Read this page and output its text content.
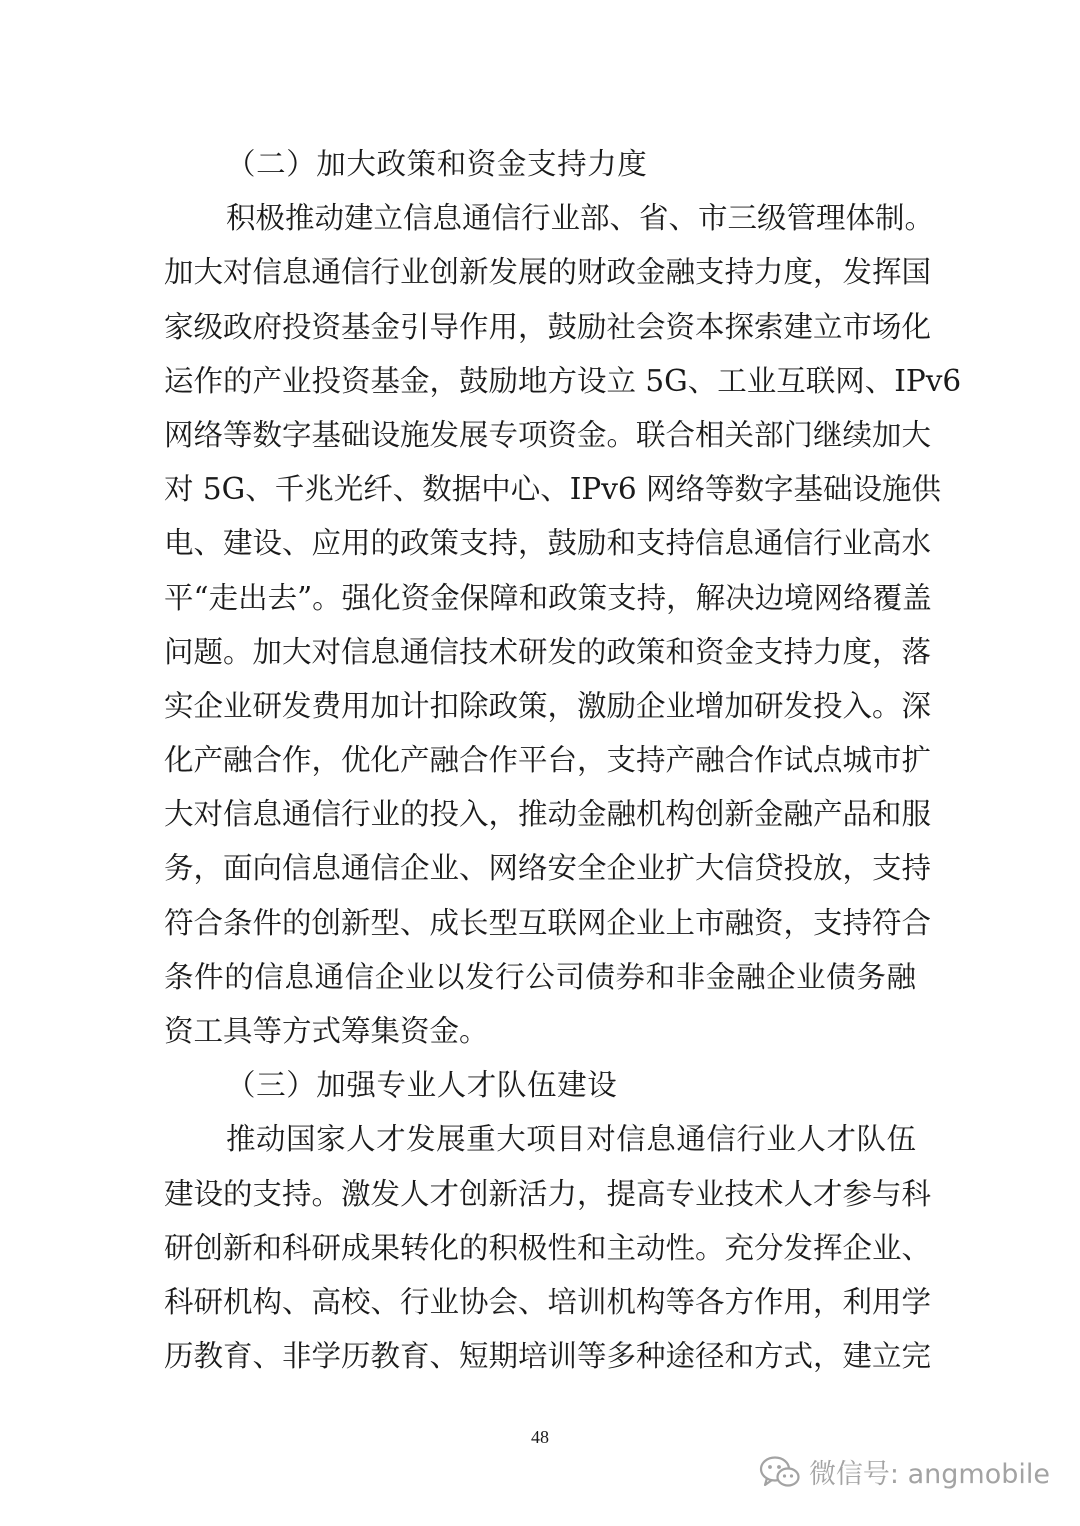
（二）加大政策和资金支持力度
积极推动建立信息通信行业部、省、市三级管理体制。
加大对信息通信行业创新发展的财政金融支持力度，发挥国
家级政府投资基金引导作用，鼓励社会资本探索建立市场化
运作的产业投资基金，鼓励地方设立 5G、工业互联网、IPv6
网络等数字基础设施发展专项资金。联合相关部门继续加大
对 5G、千兆光纤、数据中心、IPv6 网络等数字基础设施供
电、建设、应用的政策支持，鼓励和支持信息通信行业高水
平“走出去”。强化资金保障和政策支持，解决边境网络覆盖
问题。加大对信息通信技术研发的政策和资金支持力度，落
实企业研发费用加计扣除政策，激励企业增加研发投入。深
化产融合作，优化产融合作平台，支持产融合作试点城市扩
大对信息通信行业的投入，推动金融机构创新金融产品和服
务，面向信息通信企业、网络安全企业扩大信贷投放，支持
符合条件的创新型、成长型互联网企业上市融资，支持符合
条件的信息通信企业以发行公司债券和非金融企业债务融
资工具等方式筹集资金。
（三）加强专业人才队伍建设
推动国家人才发展重大项目对信息通信行业人才队伍
建设的支持。激发人才创新活力，提高专业技术人才参与科
研创新和科研成果转化的积极性和主动性。充分发挥企业、
科研机构、高校、行业协会、培训机构等各方作用，利用学
历教育、非学历教育、短期培训等多种途径和方式，建立完
48
微信号: angmobile
